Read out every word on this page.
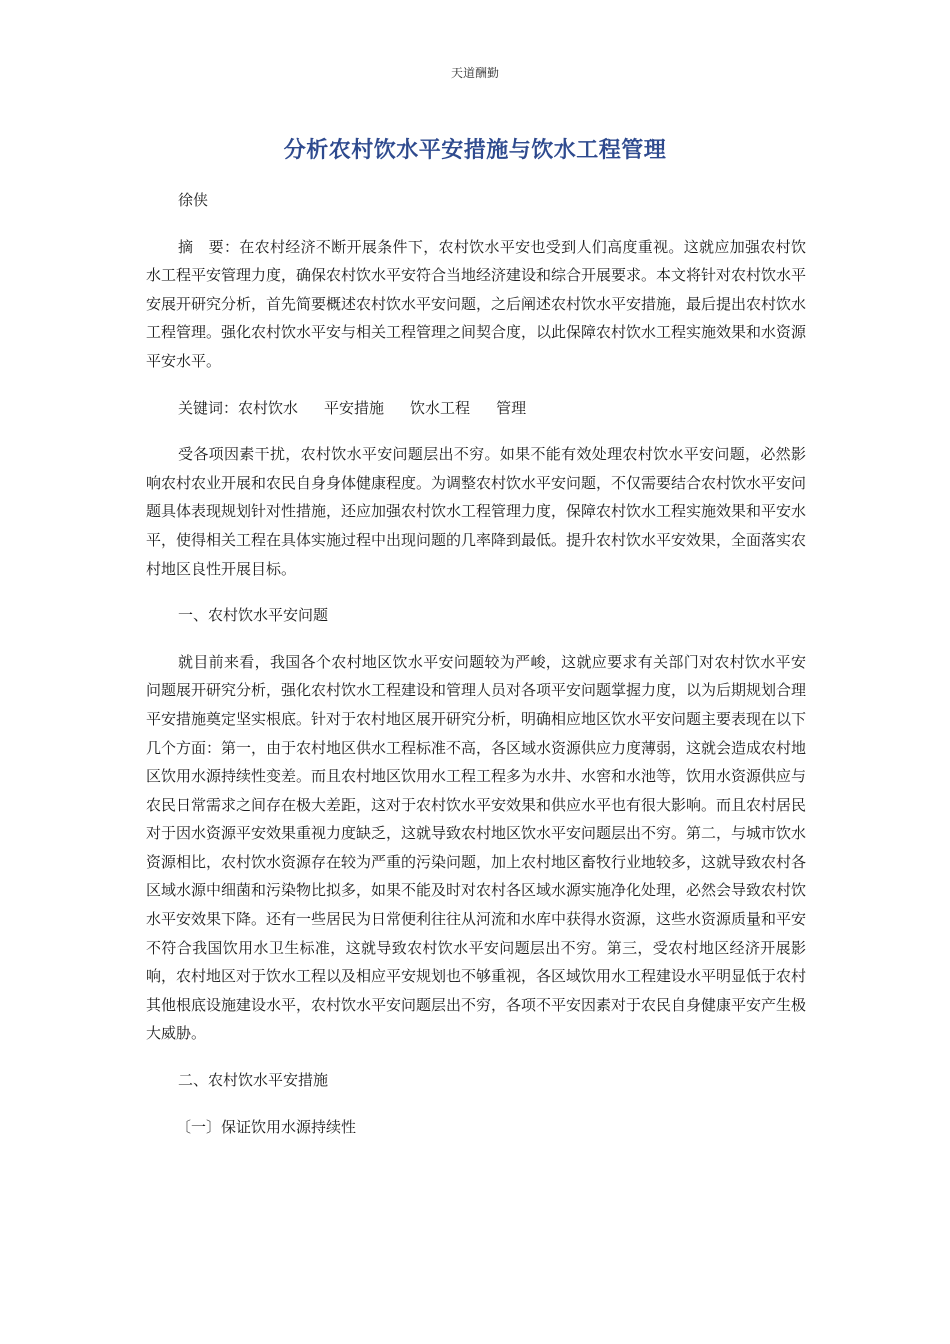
天道酬勤
分析农村饮水平安措施与饮水工程管理

徐侠

摘　要：在农村经济不断开展条件下，农村饮水平安也受到人们高度重视。这就应加强农村饮水工程平安管理力度，确保农村饮水平安符合当地经济建设和综合开展要求。本文将针对农村饮水平安展开研究分析，首先简要概述农村饮水平安问题，之后阐述农村饮水平安措施，最后提出农村饮水工程管理。强化农村饮水平安与相关工程管理之间契合度，以此保障农村饮水工程实施效果和水资源平安水平。

关键词：农村饮水 平安措施 饮水工程 管理

受各项因素干扰，农村饮水平安问题层出不穷。如果不能有效处理农村饮水平安问题，必然影响农村农业开展和农民自身身体健康程度。为调整农村饮水平安问题，不仅需要结合农村饮水平安问题具体表现规划针对性措施，还应加强农村饮水工程管理力度，保障农村饮水工程实施效果和平安水平，使得相关工程在具体实施过程中出现问题的几率降到最低。提升农村饮水平安效果，全面落实农村地区良性开展目标。

一、农村饮水平安问题

就目前来看，我国各个农村地区饮水平安问题较为严峻，这就应要求有关部门对农村饮水平安问题展开研究分析，强化农村饮水工程建设和管理人员对各项平安问题掌握力度，以为后期规划合理平安措施奠定坚实根底。针对于农村地区展开研究分析，明确相应地区饮水平安问题主要表现在以下几个方面：第一，由于农村地区供水工程标准不高，各区域水资源供应力度薄弱，这就会造成农村地区饮用水源持续性变差。而且农村地区饮用水工程工程多为水井、水窖和水池等，饮用水资源供应与农民日常需求之间存在极大差距，这对于农村饮水平安效果和供应水平也有很大影响。而且农村居民对于因水资源平安效果重视力度缺乏，这就导致农村地区饮水平安问题层出不穷。第二，与城市饮水资源相比，农村饮水资源存在较为严重的污染问题，加上农村地区畜牧行业地较多，这就导致农村各区域水源中细菌和污染物比拟多，如果不能及时对农村各区域水源实施净化处理，必然会导致农村饮水平安效果下降。还有一些居民为日常便利往往从河流和水库中获得水资源，这些水资源质量和平安不符合我国饮用水卫生标准，这就导致农村饮水平安问题层出不穷。第三，受农村地区经济开展影响，农村地区对于饮水工程以及相应平安规划也不够重视，各区域饮用水工程建设水平明显低于农村其他根底设施建设水平，农村饮水平安问题层出不穷，各项不平安因素对于农民自身健康平安产生极大威胁。

二、农村饮水平安措施

〔一〕保证饮用水源持续性
